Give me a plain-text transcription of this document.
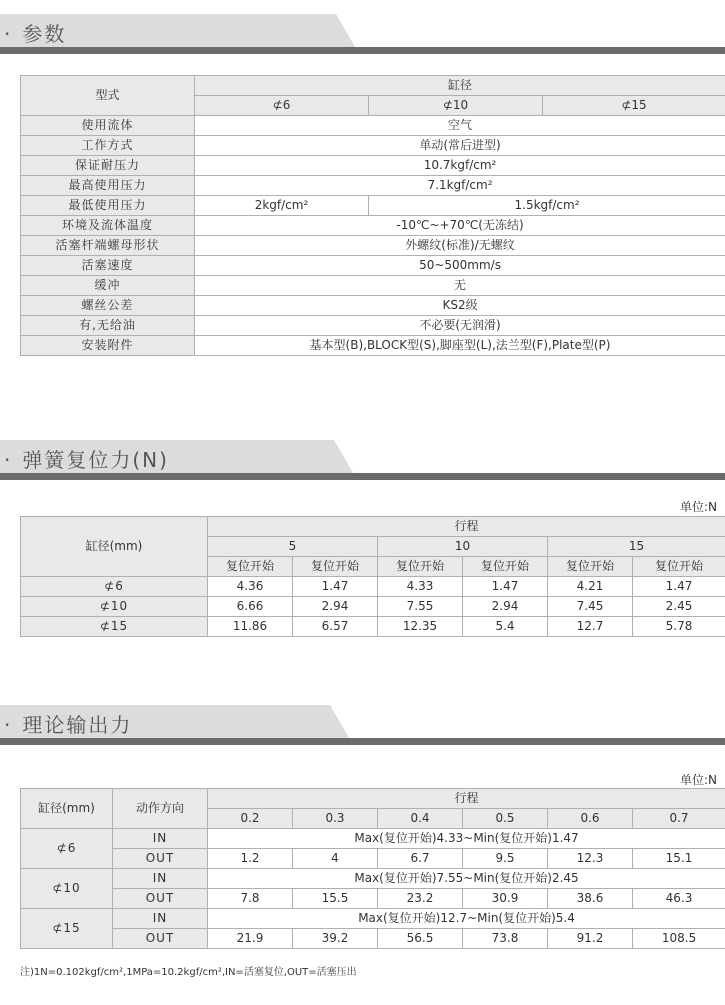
· 参数
型式	缸径		
	⊄6	⊄10	⊄15
使用流体	空气		
工作方式	单动(常后进型)		
保证耐压力	10.7kgf/cm²		
最高使用压力	7.1kgf/cm²		
最低使用压力	2kgf/cm²	1.5kgf/cm²	
环境及流体温度	-10℃~+70℃(无冻结)		
活塞杆端螺母形状	外螺纹(标准)/无螺纹		
活塞速度	50~500mm/s		
缓冲	无		
螺丝公差	KS2级		
有,无给油	不必要(无润滑)		
安装附件	基本型(B),BLOCK型(S),脚座型(L),法兰型(F),Plate型(P)		
· 弹簧复位力(N)
单位:N
缸径(mm)	行程					
	5		10		15	
	复位开始	复位开始	复位开始	复位开始	复位开始	复位开始
⊄6	4.36	1.47	4.33	1.47	4.21	1.47
⊄10	6.66	2.94	7.55	2.94	7.45	2.45
⊄15	11.86	6.57	12.35	5.4	12.7	5.78
· 理论输出力
单位:N
缸径(mm)	动作方向	行程					
		0.2	0.3	0.4	0.5	0.6	0.7
⊄6	IN	Max(复位开始)4.33~Min(复位开始)1.47					
	OUT	1.2	4	6.7	9.5	12.3	15.1
⊄10	IN	Max(复位开始)7.55~Min(复位开始)2.45					
	OUT	7.8	15.5	23.2	30.9	38.6	46.3
⊄15	IN	Max(复位开始)12.7~Min(复位开始)5.4					
	OUT	21.9	39.2	56.5	73.8	91.2	108.5
注)1N=0.102kgf/cm²,1MPa=10.2kgf/cm²,IN=活塞复位,OUT=活塞压出
